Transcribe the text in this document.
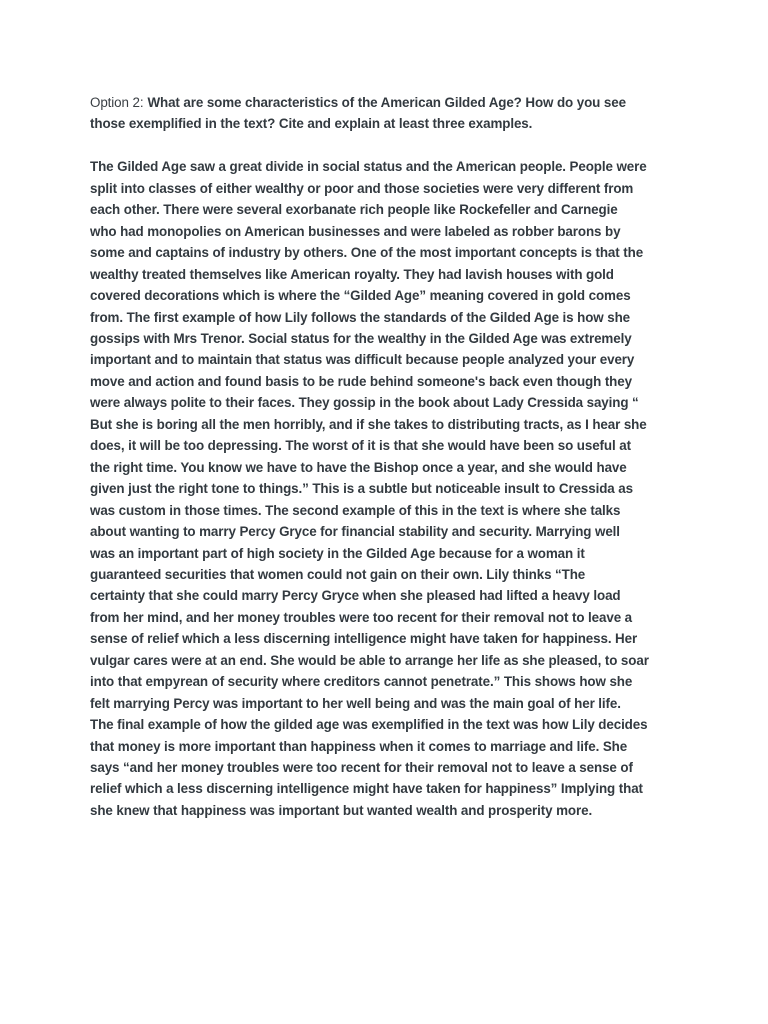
Option 2: What are some characteristics of the American Gilded Age? How do you see
those exemplified in the text? Cite and explain at least three examples.

The Gilded Age saw a great divide in social status and the American people. People were
split into classes of either wealthy or poor and those societies were very different from
each other. There were several exorbanate rich people like Rockefeller and Carnegie
who had monopolies on American businesses and were labeled as robber barons by
some and captains of industry by others. One of the most important concepts is that the
wealthy treated themselves like American royalty. They had lavish houses with gold
covered decorations which is where the “Gilded Age” meaning covered in gold comes
from. The first example of how Lily follows the standards of the Gilded Age is how she
gossips with Mrs Trenor. Social status for the wealthy in the Gilded Age was extremely
important and to maintain that status was difficult because people analyzed your every
move and action and found basis to be rude behind someone's back even though they
were always polite to their faces. They gossip in the book about Lady Cressida saying “
But she is boring all the men horribly, and if she takes to distributing tracts, as I hear she
does, it will be too depressing. The worst of it is that she would have been so useful at
the right time. You know we have to have the Bishop once a year, and she would have
given just the right tone to things.” This is a subtle but noticeable insult to Cressida as
was custom in those times. The second example of this in the text is where she talks
about wanting to marry Percy Gryce for financial stability and security. Marrying well
was an important part of high society in the Gilded Age because for a woman it
guaranteed securities that women could not gain on their own. Lily thinks “The
certainty that she could marry Percy Gryce when she pleased had lifted a heavy load
from her mind, and her money troubles were too recent for their removal not to leave a
sense of relief which a less discerning intelligence might have taken for happiness. Her
vulgar cares were at an end. She would be able to arrange her life as she pleased, to soar
into that empyrean of security where creditors cannot penetrate.” This shows how she
felt marrying Percy was important to her well being and was the main goal of her life.
The final example of how the gilded age was exemplified in the text was how Lily decides
that money is more important than happiness when it comes to marriage and life. She
says “and her money troubles were too recent for their removal not to leave a sense of
relief which a less discerning intelligence might have taken for happiness” Implying that
she knew that happiness was important but wanted wealth and prosperity more.
